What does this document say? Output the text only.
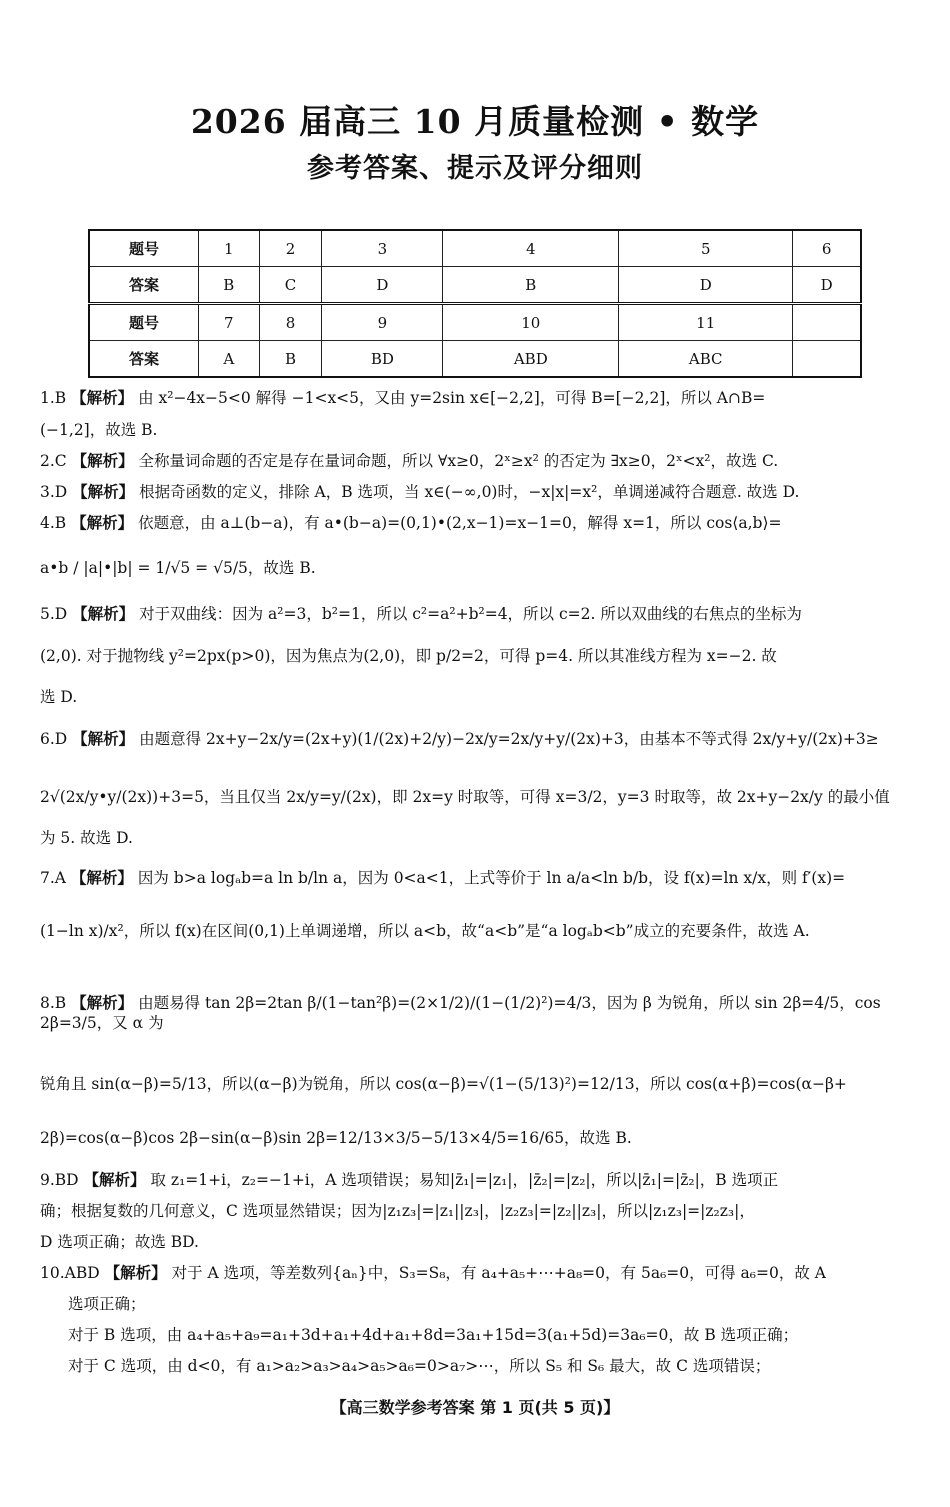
2026 届高三 10 月质量检测 • 数学
参考答案、提示及评分细则
题号	1	2	3	4	5	6
答案	B	C	D	B	D	D
题号	7	8	9	10	11	
答案	A	B	BD	ABD	ABC	
1.B 【解析】 由 x²−4x−5<0 解得 −1<x<5，又由 y=2sin x∈[−2,2]，可得 B=[−2,2]，所以 A∩B=
(−1,2]，故选 B.
2.C 【解析】 全称量词命题的否定是存在量词命题，所以 ∀x≥0，2ˣ≥x² 的否定为 ∃x≥0，2ˣ<x²，故选 C.
3.D 【解析】 根据奇函数的定义，排除 A，B 选项，当 x∈(−∞,0)时，−x|x|=x²，单调递减符合题意. 故选 D.
4.B 【解析】 依题意，由 a⊥(b−a)，有 a•(b−a)=(0,1)•(2,x−1)=x−1=0，解得 x=1，所以 cos⟨a,b⟩=
a•b / |a|•|b| = 1/√5 = √5/5，故选 B.
5.D 【解析】 对于双曲线：因为 a²=3，b²=1，所以 c²=a²+b²=4，所以 c=2. 所以双曲线的右焦点的坐标为
(2,0). 对于抛物线 y²=2px(p>0)，因为焦点为(2,0)，即 p/2=2，可得 p=4. 所以其准线方程为 x=−2. 故
选 D.
6.D 【解析】 由题意得 2x+y−2x/y=(2x+y)(1/(2x)+2/y)−2x/y=2x/y+y/(2x)+3，由基本不等式得 2x/y+y/(2x)+3≥
2√(2x/y•y/(2x))+3=5，当且仅当 2x/y=y/(2x)，即 2x=y 时取等，可得 x=3/2，y=3 时取等，故 2x+y−2x/y 的最小值
为 5. 故选 D.
7.A 【解析】 因为 b>a logₐb=a ln b/ln a，因为 0<a<1，上式等价于 ln a/a<ln b/b，设 f(x)=ln x/x，则 f′(x)=
(1−ln x)/x²，所以 f(x)在区间(0,1)上单调递增，所以 a<b，故“a<b”是“a logₐb<b”成立的充要条件，故选 A.
8.B 【解析】 由题易得 tan 2β=2tan β/(1−tan²β)=(2×1/2)/(1−(1/2)²)=4/3，因为 β 为锐角，所以 sin 2β=4/5，cos 2β=3/5，又 α 为
锐角且 sin(α−β)=5/13，所以(α−β)为锐角，所以 cos(α−β)=√(1−(5/13)²)=12/13，所以 cos(α+β)=cos(α−β+
2β)=cos(α−β)cos 2β−sin(α−β)sin 2β=12/13×3/5−5/13×4/5=16/65，故选 B.
9.BD 【解析】 取 z₁=1+i，z₂=−1+i，A 选项错误；易知|z̄₁|=|z₁|，|z̄₂|=|z₂|，所以|z̄₁|=|z̄₂|，B 选项正
确；根据复数的几何意义，C 选项显然错误；因为|z₁z₃|=|z₁||z₃|，|z₂z₃|=|z₂||z₃|，所以|z₁z₃|=|z₂z₃|，
D 选项正确；故选 BD.
10.ABD 【解析】 对于 A 选项，等差数列{aₙ}中，S₃=S₈，有 a₄+a₅+⋯+a₈=0，有 5a₆=0，可得 a₆=0，故 A
选项正确；
对于 B 选项，由 a₄+a₅+a₉=a₁+3d+a₁+4d+a₁+8d=3a₁+15d=3(a₁+5d)=3a₆=0，故 B 选项正确；
对于 C 选项，由 d<0，有 a₁>a₂>a₃>a₄>a₅>a₆=0>a₇>⋯，所以 S₅ 和 S₆ 最大，故 C 选项错误；
【高三数学参考答案 第 1 页(共 5 页)】
